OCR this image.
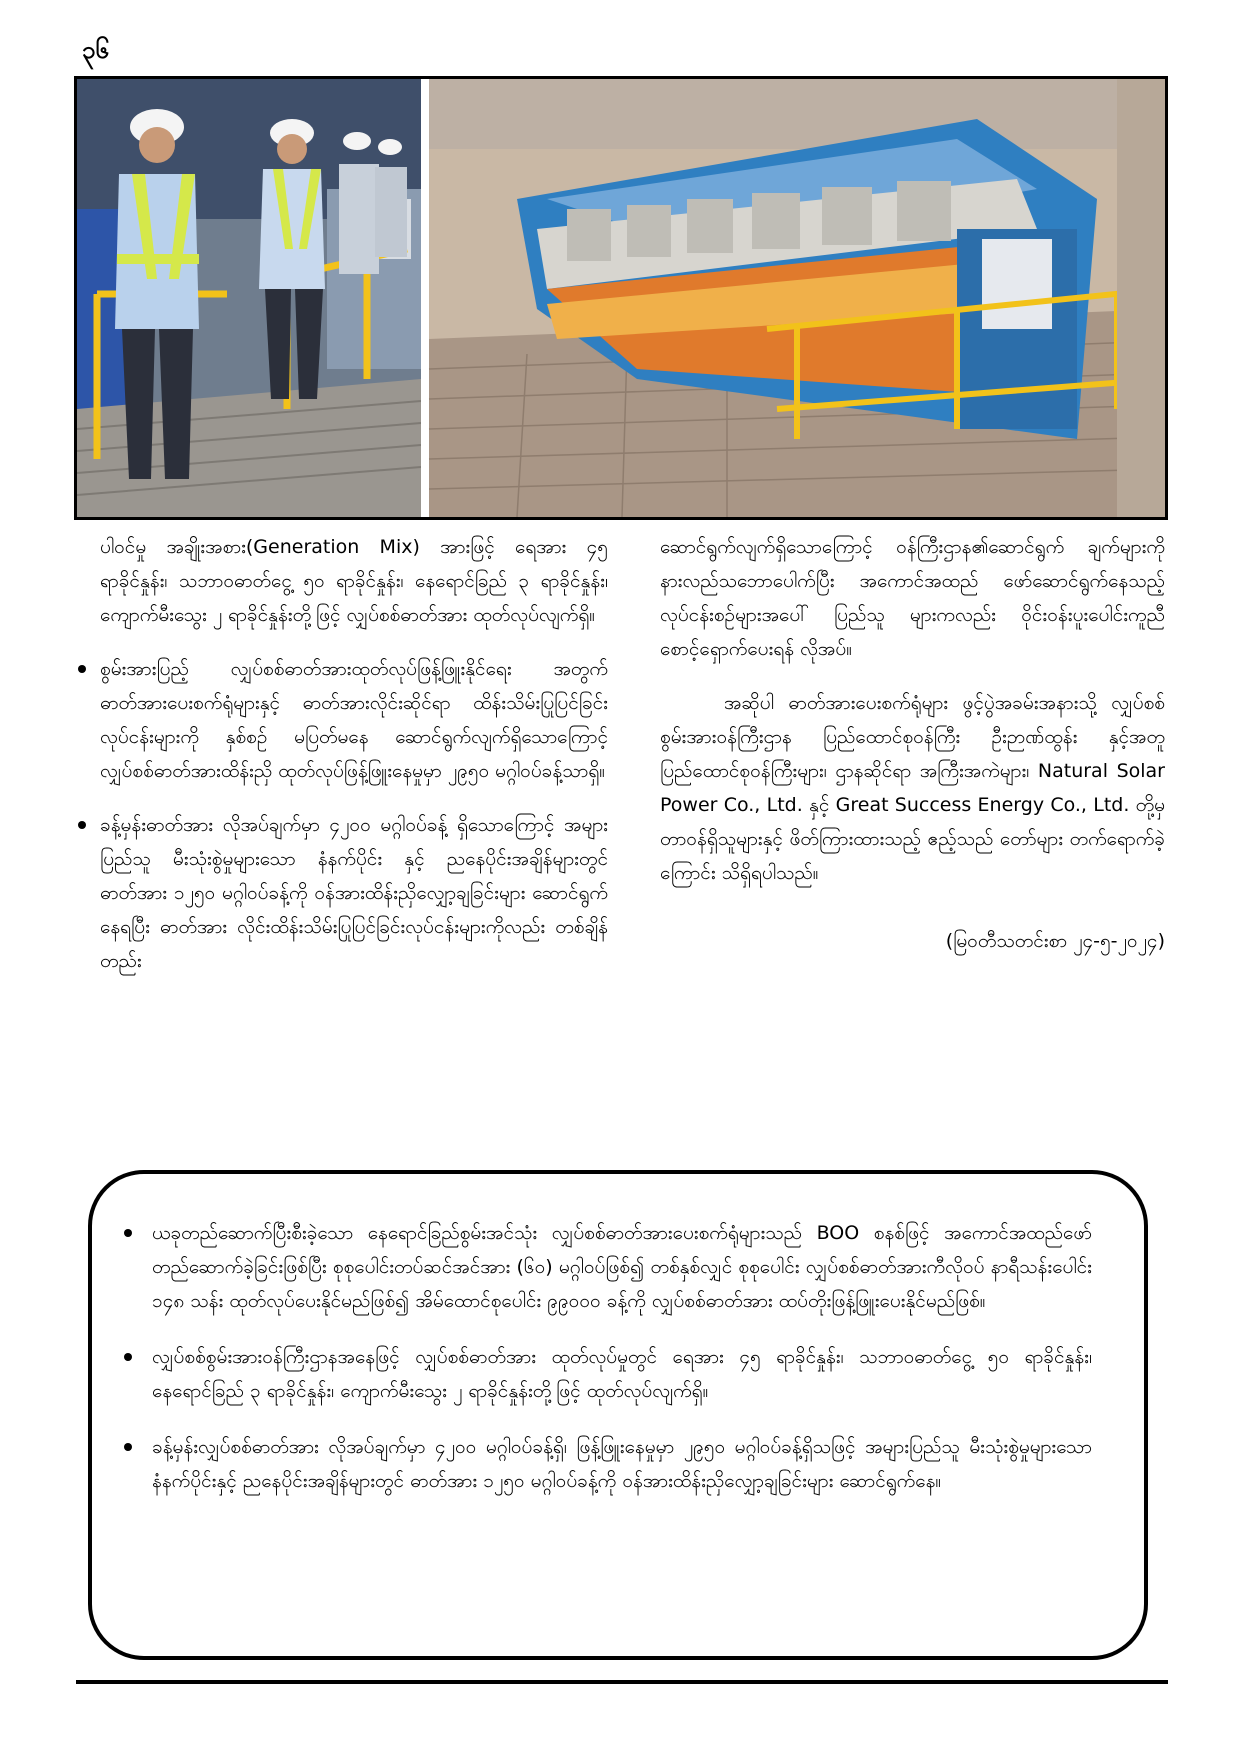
၃၆

ပါဝင်မှု အချိုးအစား(Generation Mix) အားဖြင့် ရေအား ၄၅ ရာခိုင်နှုန်း၊ သဘာဝဓာတ်ငွေ့ ၅၀ ရာခိုင်နှုန်း၊ နေရောင်ခြည် ၃ ရာခိုင်နှုန်း၊ ကျောက်မီးသွေး ၂ ရာခိုင်နှုန်းတို့ဖြင့် လျှပ်စစ်ဓာတ်အား ထုတ်လုပ်လျက်ရှိ။

စွမ်းအားပြည့် လျှပ်စစ်ဓာတ်အားထုတ်လုပ်ဖြန့်ဖြူးနိုင်ရေး အတွက် ဓာတ်အားပေးစက်ရုံများနှင့် ဓာတ်အားလိုင်းဆိုင်ရာ ထိန်းသိမ်းပြုပြင်ခြင်းလုပ်ငန်းများကို နှစ်စဉ် မပြတ်မနေ ဆောင်ရွက်လျက်ရှိသောကြောင့် လျှပ်စစ်ဓာတ်အားထိန်းညှိ ထုတ်လုပ်ဖြန့်ဖြူးနေမှုမှာ ၂၉၅၀ မဂ္ဂါဝပ်ခန့်သာရှိ။
ခန့်မှန်းဓာတ်အား လိုအပ်ချက်မှာ ၄၂၀၀ မဂ္ဂါဝပ်ခန့် ရှိသောကြောင့် အများပြည်သူ မီးသုံးစွဲမှုများသော နံနက်ပိုင်း နှင့် ညနေပိုင်းအချိန်များတွင် ဓာတ်အား ၁၂၅၀ မဂ္ဂါဝပ်ခန့်ကို ဝန်အားထိန်းညှိလျှော့ချခြင်းများ ဆောင်ရွက်နေရပြီး ဓာတ်အား လိုင်းထိန်းသိမ်းပြုပြင်ခြင်းလုပ်ငန်းများကိုလည်း တစ်ချိန်တည်း

ဆောင်ရွက်လျက်ရှိသောကြောင့် ဝန်ကြီးဌာန၏ဆောင်ရွက် ချက်များကို နားလည်သဘောပေါက်ပြီး အကောင်အထည် ဖော်ဆောင်ရွက်နေသည့် လုပ်ငန်းစဉ်များအပေါ် ပြည်သူ များကလည်း ဝိုင်းဝန်းပူးပေါင်းကူညီစောင့်ရှောက်ပေးရန် လိုအပ်။

အဆိုပါ ဓာတ်အားပေးစက်ရုံများ ဖွင့်ပွဲအခမ်းအနားသို့ လျှပ်စစ်စွမ်းအားဝန်ကြီးဌာန ပြည်ထောင်စုဝန်ကြီး ဦးဉာဏ်ထွန်း နှင့်အတူ ပြည်ထောင်စုဝန်ကြီးများ၊ ဌာနဆိုင်ရာ အကြီးအကဲများ၊ Natural Solar Power Co., Ltd. နှင့် Great Success Energy Co., Ltd. တို့မှ တာဝန်ရှိသူများနှင့် ဖိတ်ကြားထားသည့် ဧည့်သည် တော်များ တက်ရောက်ခဲ့ကြောင်း သိရှိရပါသည်။

(မြဝတီသတင်းစာ ၂၄-၅-၂၀၂၄)

ယခုတည်ဆောက်ပြီးစီးခဲ့သော နေရောင်ခြည်စွမ်းအင်သုံး လျှပ်စစ်ဓာတ်အားပေးစက်ရုံများသည် BOO စနစ်ဖြင့် အကောင်အထည်ဖော်တည်ဆောက်ခဲ့ခြင်းဖြစ်ပြီး စုစုပေါင်းတပ်ဆင်အင်အား (၆၀) မဂ္ဂါဝပ်ဖြစ်၍ တစ်နှစ်လျှင် စုစုပေါင်း လျှပ်စစ်ဓာတ်အားကီလိုဝပ် နာရီသန်းပေါင်း ၁၄၈ သန်း ထုတ်လုပ်ပေးနိုင်မည်ဖြစ်၍ အိမ်ထောင်စုပေါင်း ၉၉၀၀၀ ခန့်ကို လျှပ်စစ်ဓာတ်အား ထပ်တိုးဖြန့်ဖြူးပေးနိုင်မည်ဖြစ်။
လျှပ်စစ်စွမ်းအားဝန်ကြီးဌာနအနေဖြင့် လျှပ်စစ်ဓာတ်အား ထုတ်လုပ်မှုတွင် ရေအား ၄၅ ရာခိုင်နှုန်း၊ သဘာဝဓာတ်ငွေ့ ၅၀ ရာခိုင်နှုန်း၊ နေရောင်ခြည် ၃ ရာခိုင်နှုန်း၊ ကျောက်မီးသွေး ၂ ရာခိုင်နှုန်းတို့ဖြင့် ထုတ်လုပ်လျက်ရှိ။
ခန့်မှန်းလျှပ်စစ်ဓာတ်အား လိုအပ်ချက်မှာ ၄၂၀၀ မဂ္ဂါဝပ်ခန့်ရှိ၊ ဖြန့်ဖြူးနေမှုမှာ ၂၉၅၀ မဂ္ဂါဝပ်ခန့်ရှိသဖြင့် အများပြည်သူ မီးသုံးစွဲမှုများသော နံနက်ပိုင်းနှင့် ညနေပိုင်းအချိန်များတွင် ဓာတ်အား ၁၂၅၀ မဂ္ဂါဝပ်ခန့်ကို ဝန်အားထိန်းညှိလျှော့ချခြင်းများ ဆောင်ရွက်နေ။
